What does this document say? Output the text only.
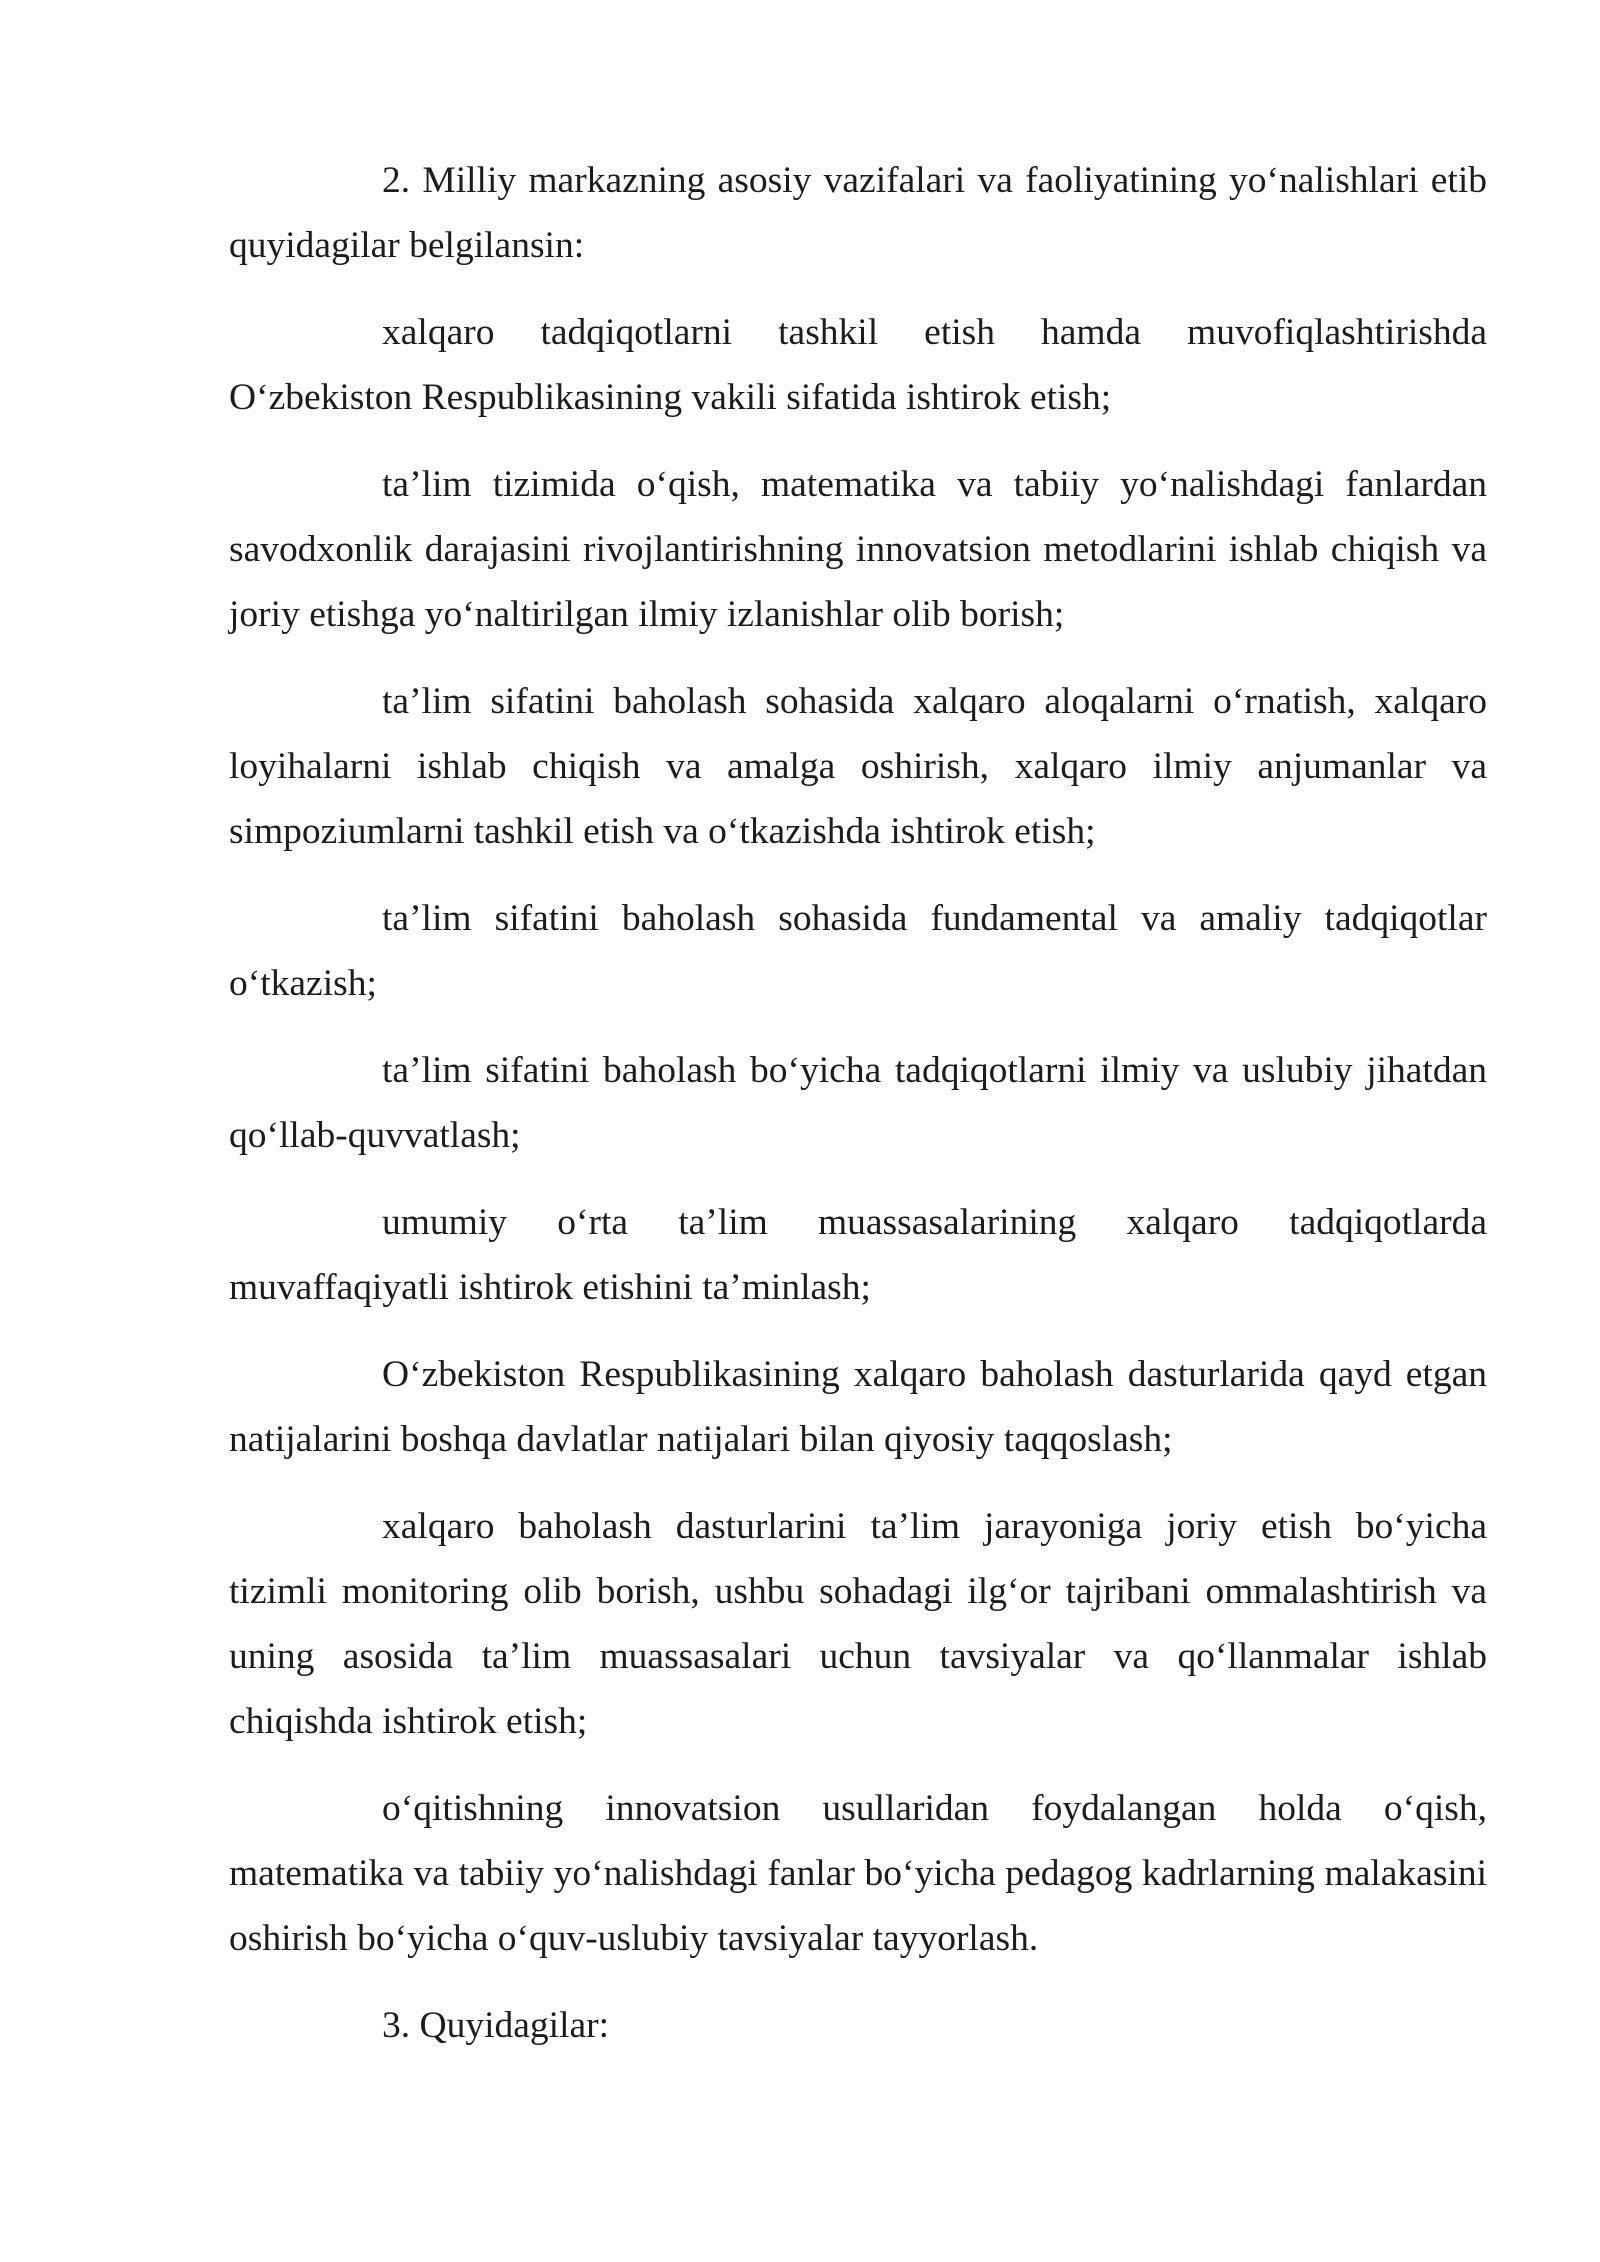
2. Milliy markazning asosiy vazifalari va faoliyatining yo‘nalishlari etib quyidagilar belgilansin:

xalqaro tadqiqotlarni tashkil etish hamda muvofiqlashtirishda O‘zbekiston Respublikasining vakili sifatida ishtirok etish;

ta’lim tizimida o‘qish, matematika va tabiiy yo‘nalishdagi fanlardan savodxonlik darajasini rivojlantirishning innovatsion metodlarini ishlab chiqish va joriy etishga yo‘naltirilgan ilmiy izlanishlar olib borish;

ta’lim sifatini baholash sohasida xalqaro aloqalarni o‘rnatish, xalqaro loyihalarni ishlab chiqish va amalga oshirish, xalqaro ilmiy anjumanlar va simpoziumlarni tashkil etish va o‘tkazishda ishtirok etish;

ta’lim sifatini baholash sohasida fundamental va amaliy tadqiqotlar o‘tkazish;

ta’lim sifatini baholash bo‘yicha tadqiqotlarni ilmiy va uslubiy jihatdan qo‘llab-quvvatlash;

umumiy o‘rta ta’lim muassasalarining xalqaro tadqiqotlarda muvaffaqiyatli ishtirok etishini ta’minlash;

O‘zbekiston Respublikasining xalqaro baholash dasturlarida qayd etgan natijalarini boshqa davlatlar natijalari bilan qiyosiy taqqoslash;

xalqaro baholash dasturlarini ta’lim jarayoniga joriy etish bo‘yicha tizimli monitoring olib borish, ushbu sohadagi ilg‘or tajribani ommalashtirish va uning asosida ta’lim muassasalari uchun tavsiyalar va qo‘llanmalar ishlab chiqishda ishtirok etish;

o‘qitishning innovatsion usullaridan foydalangan holda o‘qish, matematika va tabiiy yo‘nalishdagi fanlar bo‘yicha pedagog kadrlarning malakasini oshirish bo‘yicha o‘quv-uslubiy tavsiyalar tayyorlash.

3. Quyidagilar:
